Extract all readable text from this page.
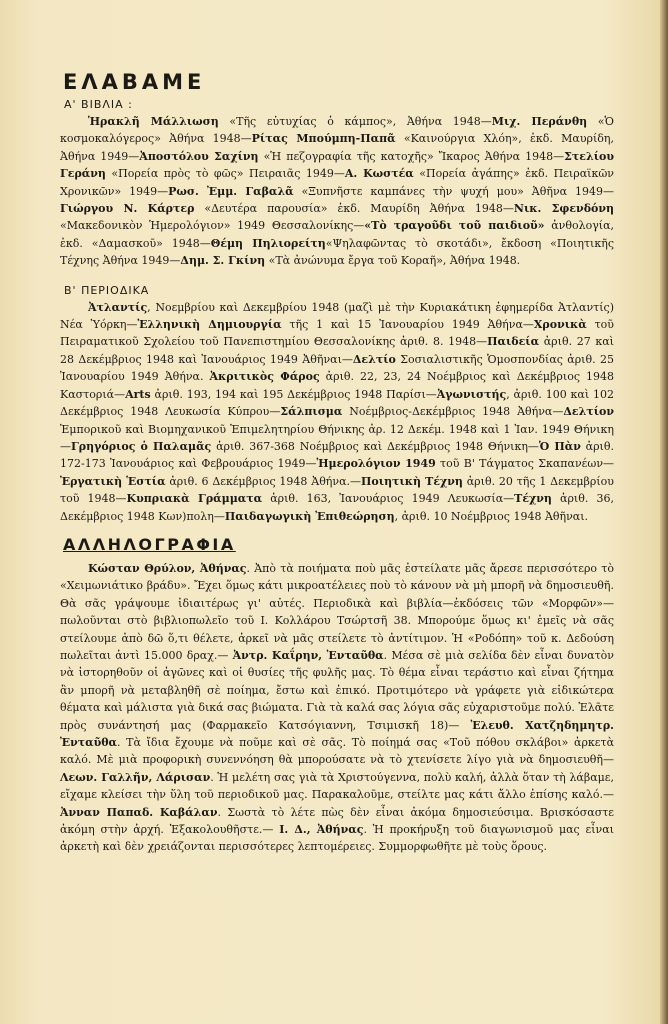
ΕΛΑΒΑΜΕ
Α' ΒΙΒΛΙΑ :

Ἡρακλῆ Μάλλιωση «Τῆς εὐτυχίας ὁ κάμπος», Ἀθήνα 1948—Μιχ. Περάνθη «Ὁ κοσμοκαλόγερος» Ἀθήνα 1948—Ρίτας Μπούμπη-Παπᾶ «Καινούργια Χλόη», ἐκδ. Μαυρίδη, Ἀθήνα 1949—Ἀποστόλου Σαχίνη «Ἡ πεζογραφία τῆς κατοχῆς» Ἴκαρος Ἀθήνα 1948—Στελίου Γεράνη «Πορεία πρὸς τὸ φῶς» Πειραιᾶς 1949—Α. Κωστέα «Πορεία ἀγάπης» ἐκδ. Πειραϊκῶν Χρονικῶν» 1949—Ρωσ. Ἐμμ. Γαβαλᾶ «Ξυπνῆστε καμπάνες τὴν ψυχή μου» Ἀθῆνα 1949—Γιώργου Ν. Κάρτερ «Δευτέρα παρουσία» ἐκδ. Μαυρίδη Ἀθήνα 1948—Νικ. Σφενδόνη «Μακεδονικὸν Ἡμερολόγιον» 1949 Θεσσαλονίκης—«Τὸ τραγοῦδι τοῦ παιδιοῦ» ἀνθολογία, ἐκδ. «Δαμασκοῦ» 1948—Θέμη Πηλιορείτη«Ψηλαφῶντας τὸ σκοτάδι», ἔκδοση «Ποιητικῆς Τέχνης Ἀθήνα 1949—Δημ. Σ. Γκίνη «Τὰ ἀνώνυμα ἔργα τοῦ Κοραῆ», Ἀθήνα 1948.

Β' ΠΕΡΙΟΔΙΚΑ

Ἀτλαντίς, Νοεμβρίου καὶ Δεκεμβρίου 1948 (μαζὶ μὲ τὴν Κυριακάτικη ἐφημερίδα Ἀτλαντίς) Νέα Ὑόρκη—Ἑλληνικὴ Δημιουργία τῆς 1 καὶ 15 Ἰανουαρίου 1949 Ἀθήνα—Χρονικὰ τοῦ Πειραματικοῦ Σχολείου τοῦ Πανεπιστημίου Θεσσαλονίκης ἀριθ. 8. 1948—Παιδεία ἀριθ. 27 καὶ 28 Δεκέμβριος 1948 καὶ Ἰανουάριος 1949 Ἀθῆναι—Δελτίο Σοσιαλιστικῆς Ὁμοσπονδίας ἀριθ. 25 Ἰανουαρίου 1949 Ἀθήνα. Ἀκριτικὸς Φάρος ἀριθ. 22, 23, 24 Νοέμβριος καὶ Δεκέμβριος 1948 Καστοριά—Arts ἀριθ. 193, 194 καὶ 195 Δεκέμβριος 1948 Παρίσι—Ἀγωνιστής, ἀριθ. 100 καὶ 102 Δεκέμβριος 1948 Λευκωσία Κύπρου—Σάλπισμα Νοέμβριος-Δεκέμβριος 1948 Ἀθήνα—Δελτίον Ἐμπορικοῦ καὶ Βιομηχανικοῦ Ἐπιμελητηρίου Θήνικης ἀρ. 12 Δεκέμ. 1948 καὶ 1 Ἰαν. 1949 Θήνικη—Γρηγόριος ὁ Παλαμᾶς ἀριθ. 367-368 Νοέμβριος καὶ Δεκέμβριος 1948 Θήνικη—Ὁ Πὰν ἀριθ. 172-173 Ἰανουάριος καὶ Φεβρουάριος 1949—Ἡμερολόγιον 1949 τοῦ Β' Τάγματος Σκαπανέων—Ἐργατικὴ Ἑστία ἀριθ. 6 Δεκέμβριος 1948 Ἀθήνα.—Ποιητικὴ Τέχνη ἀριθ. 20 τῆς 1 Δεκεμβρίου τοῦ 1948—Κυπριακὰ Γράμματα ἀριθ. 163, Ἰανουάριος 1949 Λευκωσία—Τέχνη ἀριθ. 36, Δεκέμβριος 1948 Κων)πολη—Παιδαγωγικὴ Ἐπιθεώρηση, ἀριθ. 10 Νοέμβριος 1948 Ἀθῆναι.

ΑΛΛΗΛΟΓΡΑΦΙΑ

Κώσταν Θρύλον, Ἀθήνας. Ἀπὸ τὰ ποιήματα ποὺ μᾶς ἐστείλατε μᾶς ἄρεσε περισσότερο τὸ «Χειμωνιάτικο βράδυ». Ἔχει ὅμως κάτι μικροατέλειες ποὺ τὸ κάνουν νὰ μὴ μπορῆ νὰ δημοσιευθῆ. Θὰ σᾶς γράψουμε ἰδιαιτέρως γι' αὐτές. Περιοδικὰ καὶ βιβλία—ἐκδόσεις τῶν «Μορφῶν»—πωλοῦνται στὸ βιβλιοπωλεῖο τοῦ Ι. Κολλάρου Τσώρτσῆ 38. Μπορούμε ὅμως κι' ἐμεῖς νὰ σᾶς στείλουμε ἀπὸ δῶ ὅ,τι θέλετε, ἀρκεῖ νὰ μᾶς στείλετε τὸ ἀντίτιμον. Ἡ «Ροδόπη» τοῦ κ. Δεδούση πωλεῖται ἀντὶ 15.000 δραχ.— Ἀντρ. Καΐρην, Ἐνταῦθα. Μέσα σὲ μιὰ σελίδα δὲν εἶναι δυνατὸν νὰ ἱστορηθοῦν οἱ ἀγῶνες καὶ οἱ θυσίες τῆς φυλῆς μας. Τὸ θέμα εἶναι τεράστιο καὶ εἶναι ζήτημα ἂν μπορῆ νὰ μεταβληθῆ σὲ ποίημα, ἔστω καὶ ἐπικό. Προτιμότερο νὰ γράφετε γιὰ εἰδικώτερα θέματα καὶ μάλιστα γιὰ δικά σας βιώματα. Γιὰ τὰ καλά σας λόγια σᾶς εὐχαριστοῦμε πολύ. Ἐλᾶτε πρὸς συνάντησή μας (Φαρμακεῖο Κατσόγιαννη, Τσιμισκῆ 18)— Ἐλευθ. Χατζηδημητρ. Ἐνταῦθα. Τὰ ἴδια ἔχουμε νὰ ποῦμε καὶ σὲ σᾶς. Τὸ ποίημά σας «Τοῦ πόθου σκλάβοι» ἀρκετὰ καλό. Μὲ μιὰ προφορικὴ συνεννόηση θὰ μπορούσατε νὰ τὸ χτενίσετε λίγο γιὰ νὰ δημοσιευθῆ— Λεων. Γαλλῆν, Λάρισαν. Ἡ μελέτη σας γιὰ τὰ Χριστούγεννα, πολὺ καλή, ἀλλὰ ὅταν τὴ λάβαμε, εἴχαμε κλείσει τὴν ὕλη τοῦ περιοδικοῦ μας. Παρακαλοῦμε, στείλτε μας κάτι ἄλλο ἐπίσης καλό.— Ἀνναν Παπαδ. Καβάλαν. Σωστὰ τὸ λέτε πὼς δὲν εἶναι ἀκόμα δημοσιεύσιμα. Βρισκόσαστε ἀκόμη στὴν ἀρχή. Ἐξακολουθῆστε.— Ι. Δ., Ἀθήνας. Ἡ προκήρυξη τοῦ διαγωνισμοῦ μας εἶναι ἀρκετὴ καὶ δὲν χρειάζονται περισσότερες λεπτομέρειες. Συμμορφωθῆτε μὲ τοὺς ὅρους.
